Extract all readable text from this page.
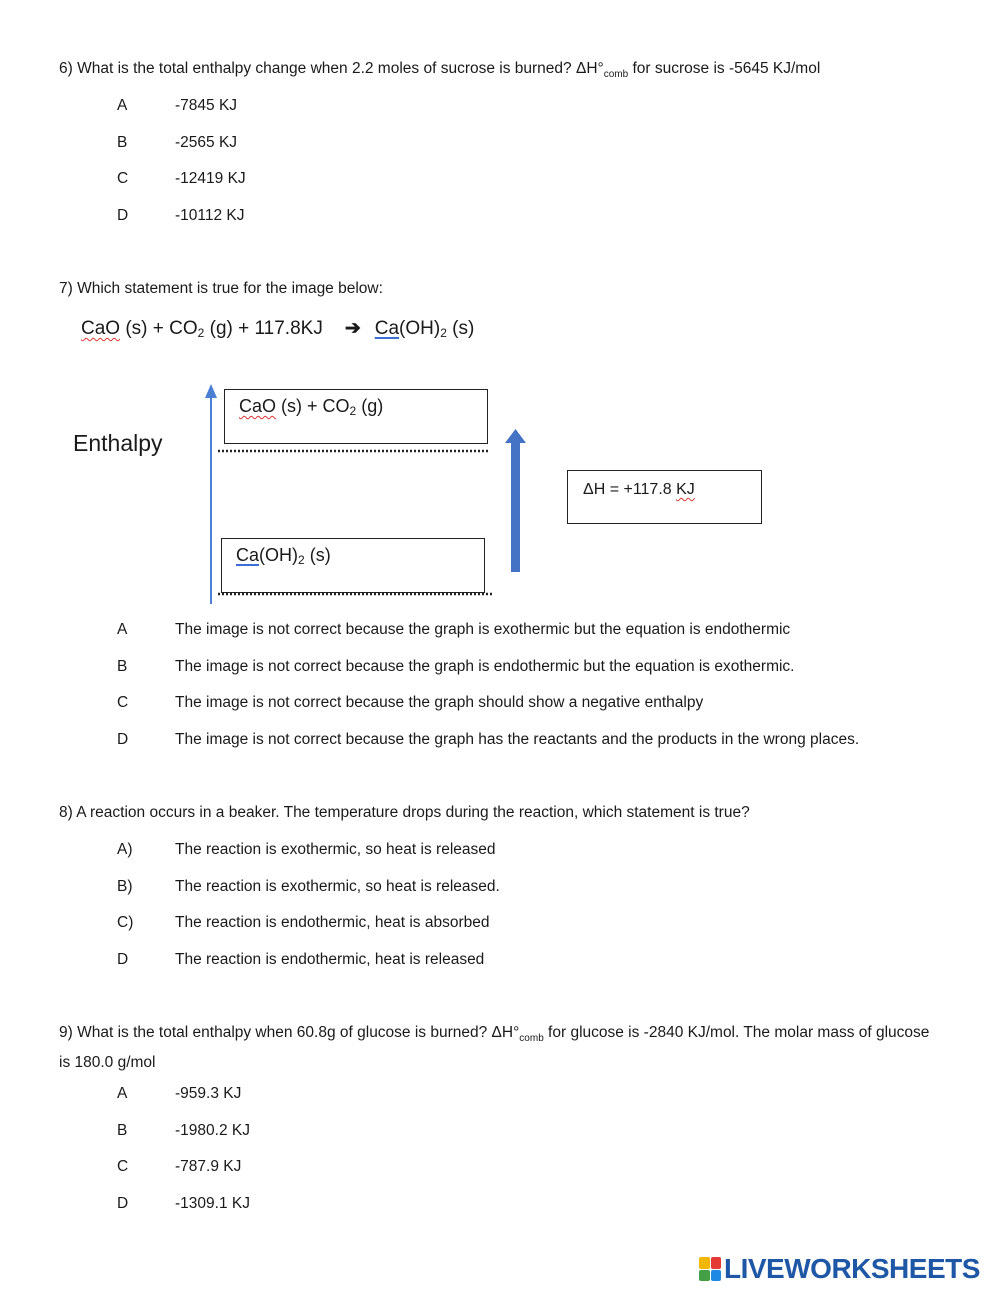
6) What is the total enthalpy change when 2.2 moles of sucrose is burned? $\Delta H^\circ_{comb}$ for sucrose is -5645 KJ/mol
A	-7845 KJ
B	-2565 KJ
C	-12419 KJ
D	-10112 KJ
7) Which statement is true for the image below:
CaO $(s) + CO_2$ (g) + 117.8KJ ➔ $Ca(OH)_2$ (s)
Enthalpy
CaO $(s) + CO_2$ (g)
$Ca(OH)_2$ (s)
ΔH = +117.8 KJ
A	The image is not correct because the graph is exothermic but the equation is endothermic
B	The image is not correct because the graph is endothermic but the equation is exothermic.
C	The image is not correct because the graph should show a negative enthalpy
D	The image is not correct because the graph has the reactants and the products in the wrong places.
8) A reaction occurs in a beaker. The temperature drops during the reaction, which statement is true?
A)	The reaction is exothermic, so heat is released
B)	The reaction is exothermic, so heat is released.
C)	The reaction is endothermic, heat is absorbed
D	The reaction is endothermic, heat is released
9) What is the total enthalpy when 60.8g of glucose is burned? $\Delta H^\circ_{comb}$ for glucose is -2840 KJ/mol. The molar mass of glucose is 180.0 g/mol
A	-959.3 KJ
B	-1980.2 KJ
C	-787.9 KJ
D	-1309.1 KJ
LIVEWORKSHEETS
